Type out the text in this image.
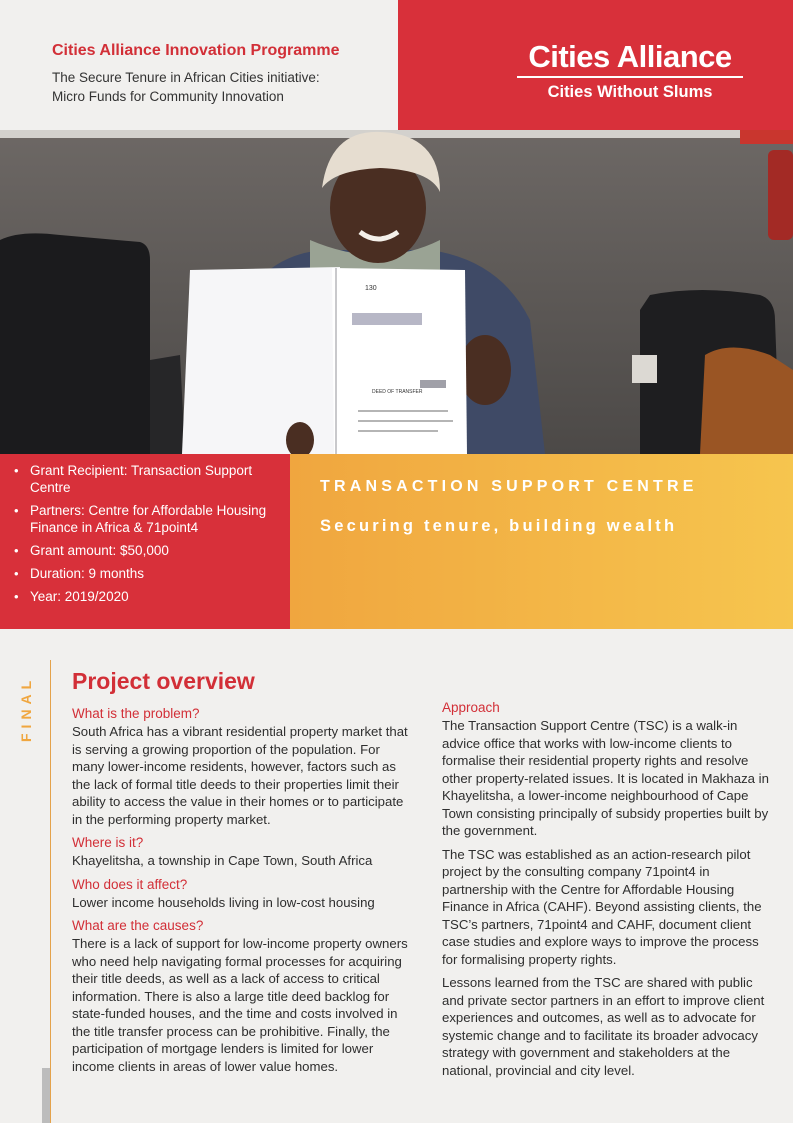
Cities Alliance Innovation Programme
The Secure Tenure in African Cities initiative:
Micro Funds for Community Innovation
Cities Alliance
Cities Without Slums
130
DEED OF TRANSFER
• Grant Recipient: Transaction Support Centre
• Partners: Centre for Affordable Housing Finance in Africa & 71point4
• Grant amount: $50,000
• Duration: 9 months
• Year: 2019/2020
TRANSACTION SUPPORT CENTRE
Securing tenure, building wealth
FINAL Project overview
What is the problem?

South Africa has a vibrant residential property market that is serving a growing proportion of the population. For many lower-income residents, however, factors such as the lack of formal title deeds to their properties limit their ability to access the value in their homes or to participate in the performing property market.

Where is it?

Khayelitsha, a township in Cape Town, South Africa

Who does it affect?

Lower income households living in low-cost housing

What are the causes?

There is a lack of support for low-income property owners who need help navigating formal processes for acquiring their title deeds, as well as a lack of access to critical information. There is also a large title deed backlog for state-funded houses, and the time and costs involved in the title transfer process can be prohibitive. Finally, the participation of mortgage lenders is limited for lower income clients in areas of lower value homes.

Approach

The Transaction Support Centre (TSC) is a walk-in advice office that works with low-income clients to formalise their residential property rights and resolve other property-related issues. It is located in Makhaza in Khayelitsha, a lower-income neighbourhood of Cape Town consisting principally of subsidy properties built by the government.

The TSC was established as an action-research pilot project by the consulting company 71point4 in partnership with the Centre for Affordable Housing Finance in Africa (CAHF). Beyond assisting clients, the TSC’s partners, 71point4 and CAHF, document client case studies and explore ways to improve the process for formalising property rights.

Lessons learned from the TSC are shared with public and private sector partners in an effort to improve client experiences and outcomes, as well as to advocate for systemic change and to facilitate its broader advocacy strategy with government and stakeholders at the national, provincial and city level.
